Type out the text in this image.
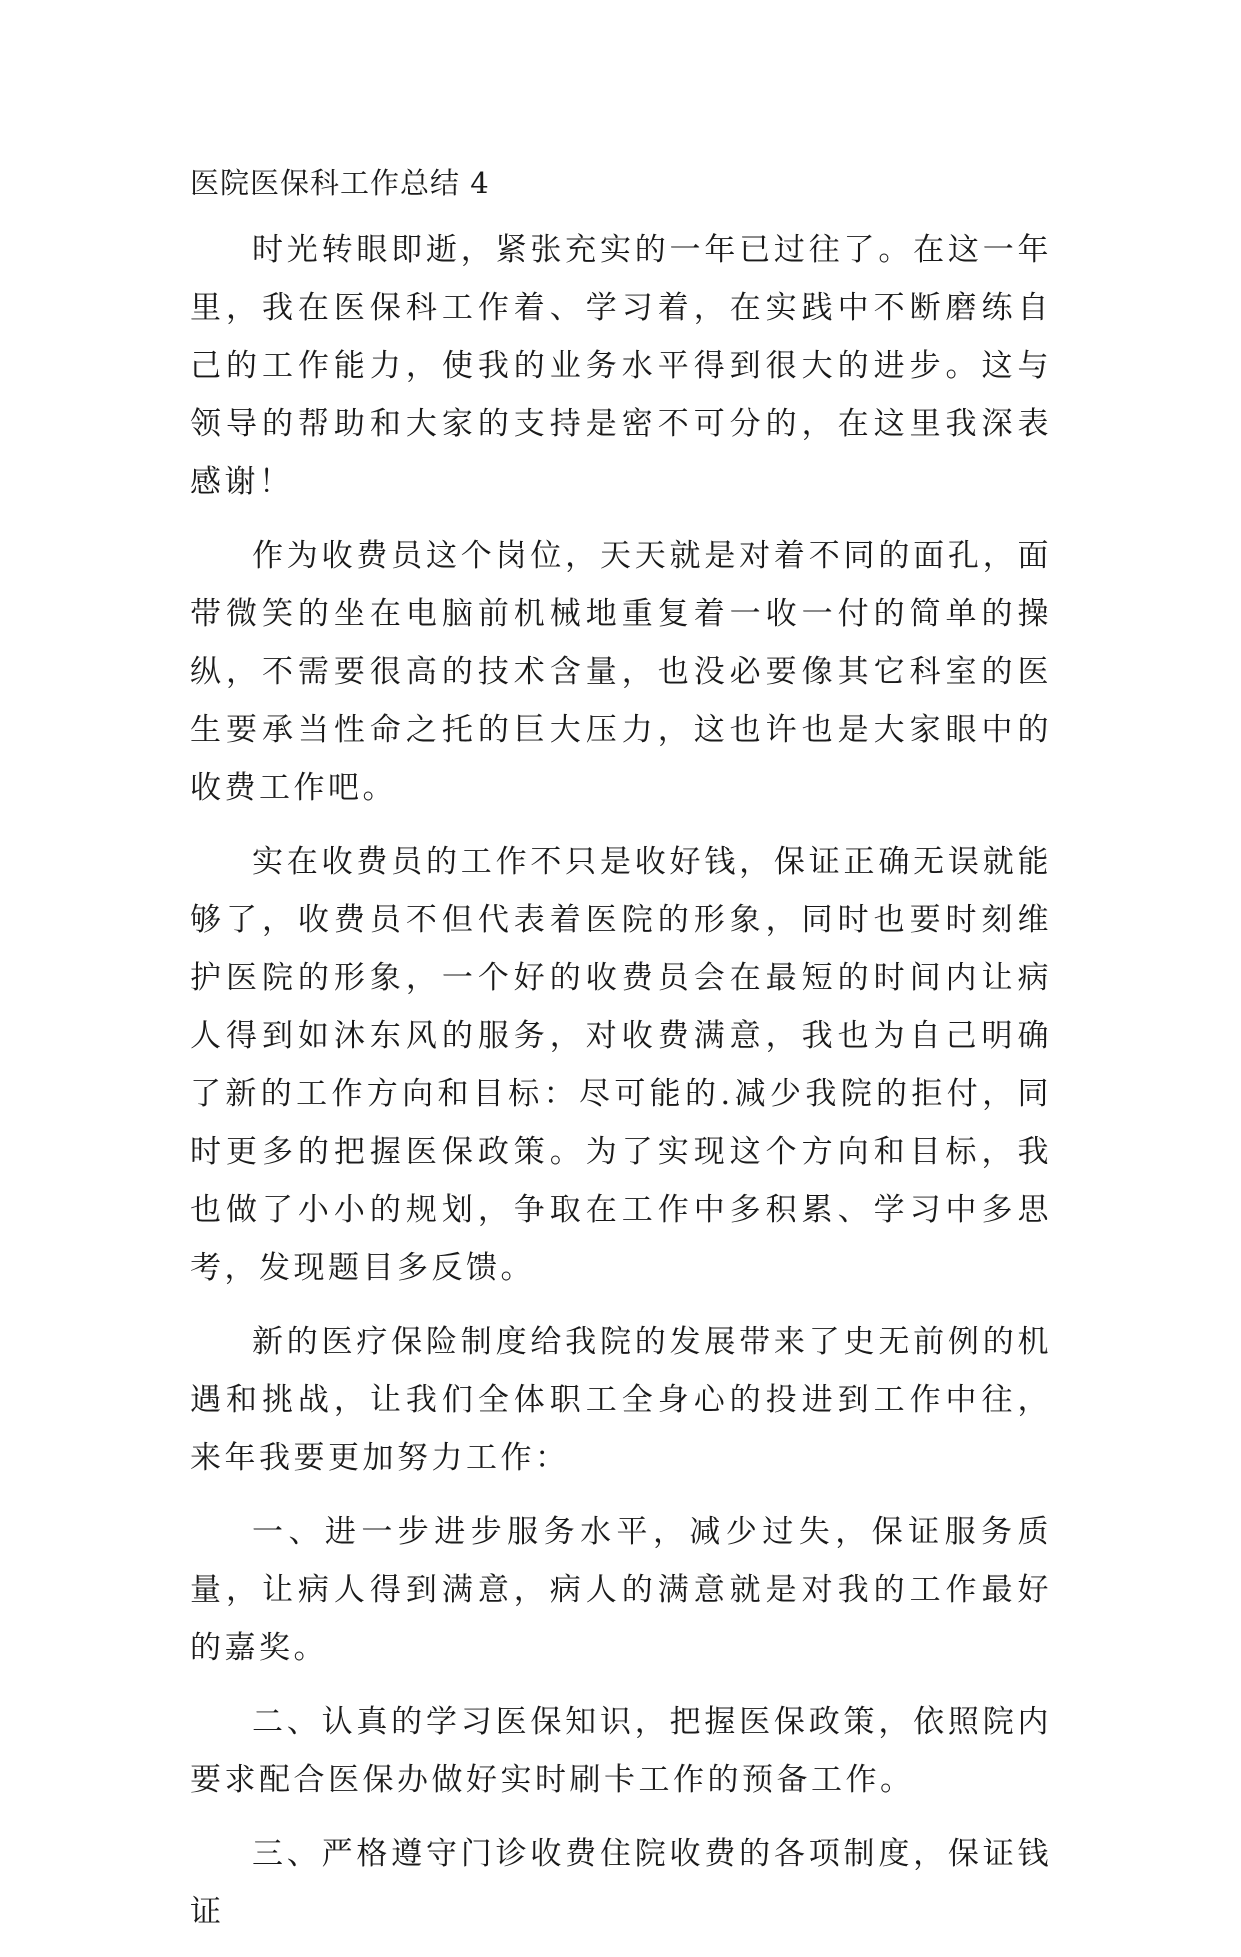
医院医保科工作总结 4

时光转眼即逝，紧张充实的一年已过往了。在这一年里，我在医保科工作着、学习着，在实践中不断磨练自己的工作能力，使我的业务水平得到很大的进步。这与领导的帮助和大家的支持是密不可分的，在这里我深表感谢！

作为收费员这个岗位，天天就是对着不同的面孔，面带微笑的坐在电脑前机械地重复着一收一付的简单的操纵，不需要很高的技术含量，也没必要像其它科室的医生要承当性命之托的巨大压力，这也许也是大家眼中的收费工作吧。

实在收费员的工作不只是收好钱，保证正确无误就能够了，收费员不但代表着医院的形象，同时也要时刻维护医院的形象，一个好的收费员会在最短的时间内让病人得到如沐东风的服务，对收费满意，我也为自己明确了新的工作方向和目标：尽可能的.减少我院的拒付，同时更多的把握医保政策。为了实现这个方向和目标，我也做了小小的规划，争取在工作中多积累、学习中多思考，发现题目多反馈。

新的医疗保险制度给我院的发展带来了史无前例的机遇和挑战，让我们全体职工全身心的投进到工作中往，来年我要更加努力工作：

一、进一步进步服务水平，减少过失，保证服务质量，让病人得到满意，病人的满意就是对我的工作最好的嘉奖。

二、认真的学习医保知识，把握医保政策，依照院内要求配合医保办做好实时刷卡工作的预备工作。

三、严格遵守门诊收费住院收费的各项制度，保证钱证
